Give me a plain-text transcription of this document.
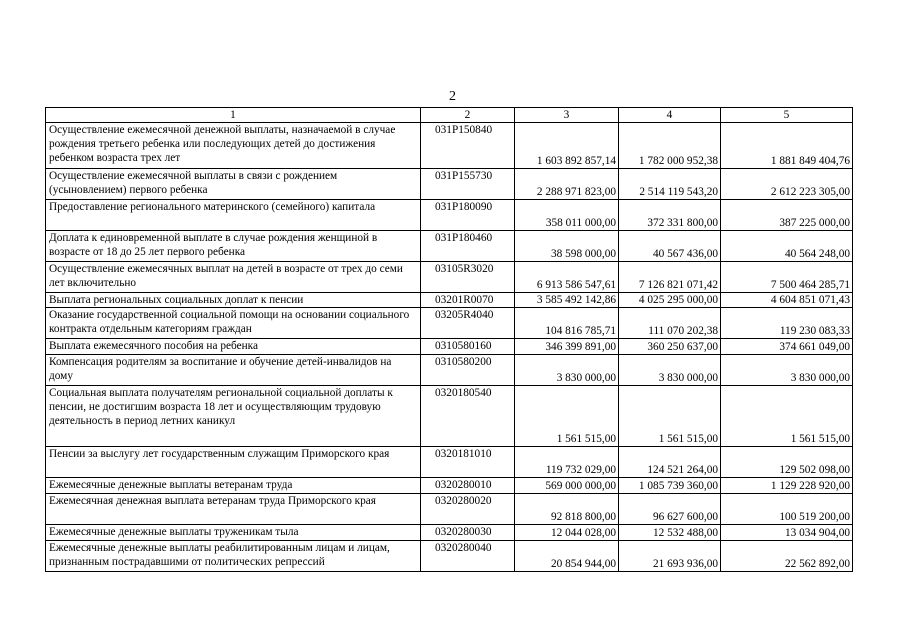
2
1	2	3	4	5
Осуществление ежемесячной денежной выплаты, назначаемой в случае рождения третьего ребенка или последующих детей до достижения ребенком возраста трех лет	031P150840	1 603 892 857,14	1 782 000 952,38	1 881 849 404,76
Осуществление ежемесячной выплаты в связи с рождением (усыновлением) первого ребенка	031P155730	2 288 971 823,00	2 514 119 543,20	2 612 223 305,00
Предоставление регионального материнского (семейного) капитала	031P180090	358 011 000,00	372 331 800,00	387 225 000,00
Доплата к единовременной выплате в случае рождения женщиной в возрасте от 18 до 25 лет первого ребенка	031P180460	38 598 000,00	40 567 436,00	40 564 248,00
Осуществление ежемесячных выплат на детей в возрасте от трех до семи лет включительно	03105R3020	6 913 586 547,61	7 126 821 071,42	7 500 464 285,71
Выплата региональных социальных доплат к пенсии	03201R0070	3 585 492 142,86	4 025 295 000,00	4 604 851 071,43
Оказание государственной социальной помощи на основании социального контракта отдельным категориям граждан	03205R4040	104 816 785,71	111 070 202,38	119 230 083,33
Выплата ежемесячного пособия на ребенка	0310580160	346 399 891,00	360 250 637,00	374 661 049,00
Компенсация родителям за воспитание и обучение детей-инвалидов на дому	0310580200	3 830 000,00	3 830 000,00	3 830 000,00
Социальная выплата получателям региональной социальной доплаты к пенсии, не достигшим возраста 18 лет и осуществляющим трудовую деятельность в период летних каникул	0320180540	1 561 515,00	1 561 515,00	1 561 515,00
Пенсии за выслугу лет государственным служащим Приморского края	0320181010	119 732 029,00	124 521 264,00	129 502 098,00
Ежемесячные денежные выплаты ветеранам труда	0320280010	569 000 000,00	1 085 739 360,00	1 129 228 920,00
Ежемесячная денежная выплата ветеранам труда Приморского края	0320280020	92 818 800,00	96 627 600,00	100 519 200,00
Ежемесячные денежные выплаты труженикам тыла	0320280030	12 044 028,00	12 532 488,00	13 034 904,00
Ежемесячные денежные выплаты реабилитированным лицам и лицам, признанным пострадавшими от политических репрессий	0320280040	20 854 944,00	21 693 936,00	22 562 892,00
